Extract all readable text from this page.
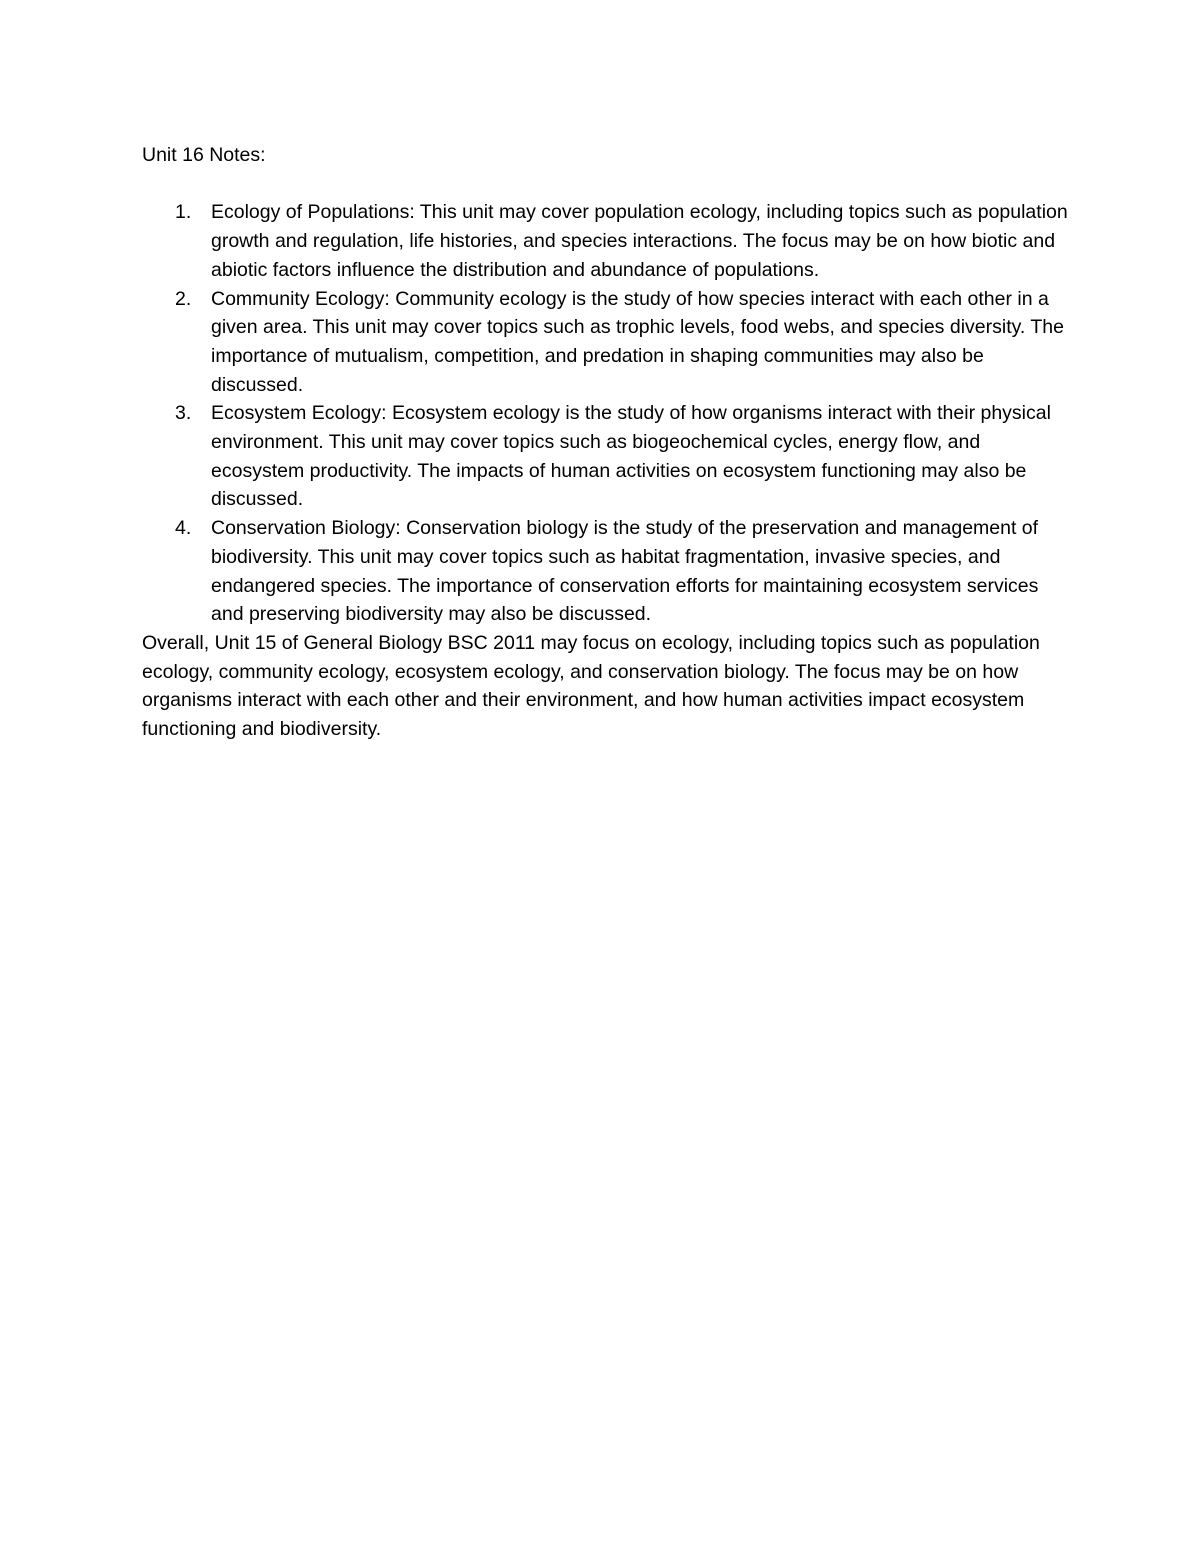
Unit 16 Notes:

1. Ecology of Populations: This unit may cover population ecology, including topics such as population growth and regulation, life histories, and species interactions. The focus may be on how biotic and abiotic factors influence the distribution and abundance of populations.
2. Community Ecology: Community ecology is the study of how species interact with each other in a given area. This unit may cover topics such as trophic levels, food webs, and species diversity. The importance of mutualism, competition, and predation in shaping communities may also be discussed.
3. Ecosystem Ecology: Ecosystem ecology is the study of how organisms interact with their physical environment. This unit may cover topics such as biogeochemical cycles, energy flow, and ecosystem productivity. The impacts of human activities on ecosystem functioning may also be discussed.
4. Conservation Biology: Conservation biology is the study of the preservation and management of biodiversity. This unit may cover topics such as habitat fragmentation, invasive species, and endangered species. The importance of conservation efforts for maintaining ecosystem services and preserving biodiversity may also be discussed.

Overall, Unit 15 of General Biology BSC 2011 may focus on ecology, including topics such as population ecology, community ecology, ecosystem ecology, and conservation biology. The focus may be on how organisms interact with each other and their environment, and how human activities impact ecosystem functioning and biodiversity.
